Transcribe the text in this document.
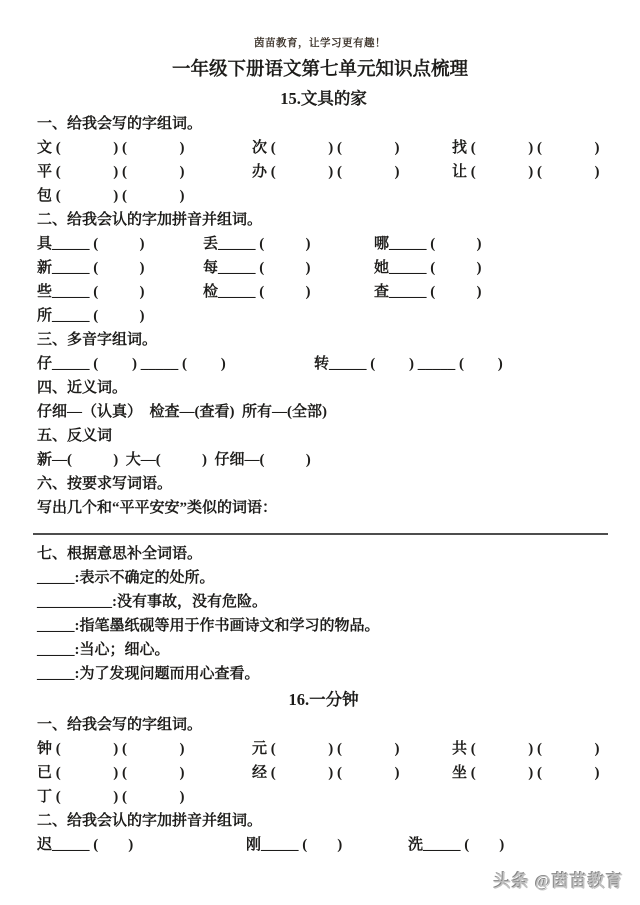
茵苗教育，让学习更有趣！
一年级下册语文第七单元知识点梳理
15.文具的家
一、给我会写的字组词。
文 (              ) (              )	次 (              ) (              )	找 (              ) (              )
平 (              ) (              )	办 (              ) (              )	让 (              ) (              )
包 (              ) (              )
二、给我会认的字加拼音并组词。
具_____ (           )	丢_____ (           )	哪_____ (           )
新_____ (           )	每_____ (           )	她_____ (           )
些_____ (           )	检_____ (           )	查_____ (           )
所_____ (           )
三、多音字组词。
仔_____ (         ) _____ (         )	转_____ (         ) _____ (         )
四、近义词。
仔细—（认真）  检查—(查看)  所有—(全部)
五、反义词
新—(           )  大—(           )  仔细—(           )
六、按要求写词语。
写出几个和“平平安安”类似的词语：
七、根据意思补全词语。
_____:表示不确定的处所。
__________:没有事故，没有危险。
_____:指笔墨纸砚等用于作书画诗文和学习的物品。
_____:当心；细心。
_____:为了发现问题而用心查看。
16.一分钟
一、给我会写的字组词。
钟 (              ) (              )	元 (              ) (              )	共 (              ) (              )
已 (              ) (              )	经 (              ) (              )	坐 (              ) (              )
丁 (              ) (              )
二、给我会认的字加拼音并组词。
迟_____ (        )	刚_____ (        )	洗_____ (        )
头条 @茵苗教育
